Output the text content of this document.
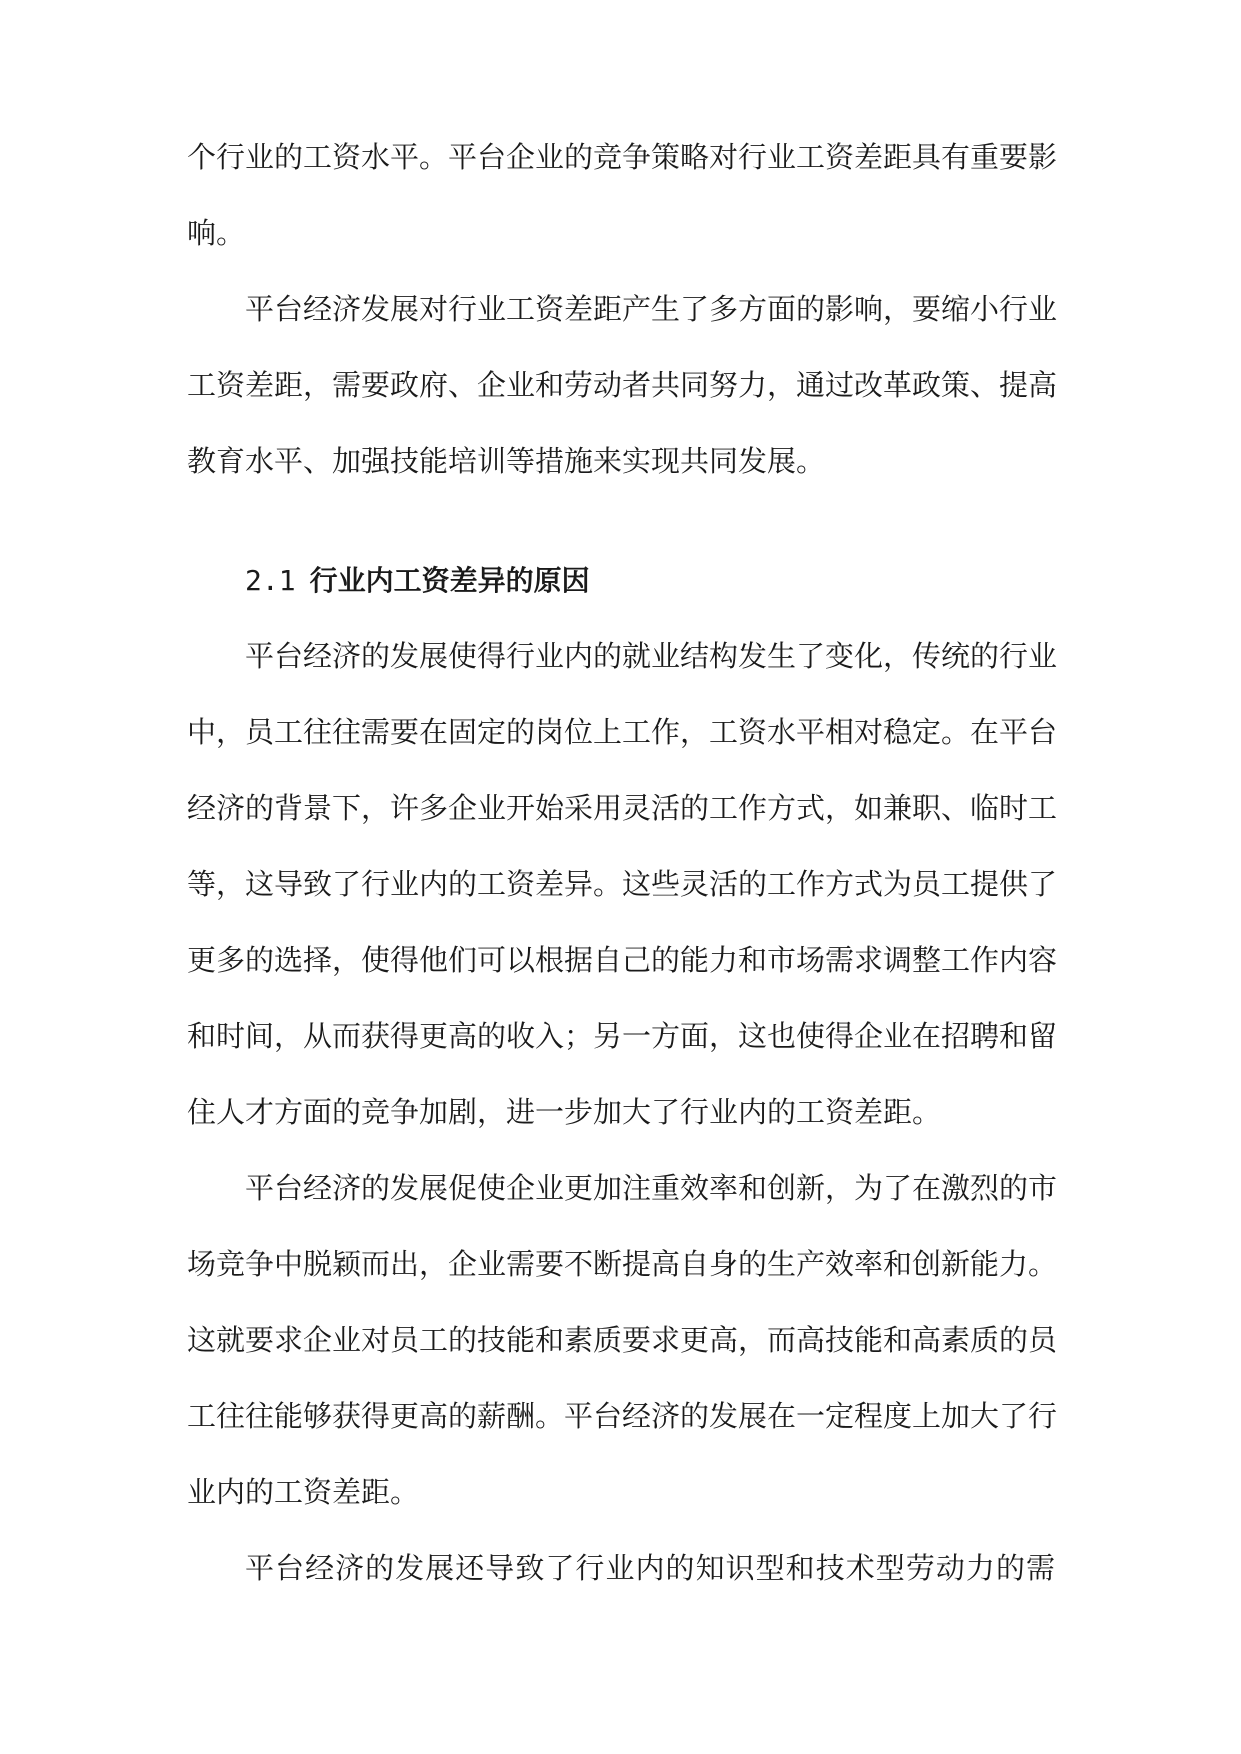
个行业的工资水平。平台企业的竞争策略对行业工资差距具有重要影
响。
平台经济发展对行业工资差距产生了多方面的影响，要缩小行业
工资差距，需要政府、企业和劳动者共同努力，通过改革政策、提高
教育水平、加强技能培训等措施来实现共同发展。
2.1 行业内工资差异的原因
平台经济的发展使得行业内的就业结构发生了变化，传统的行业
中，员工往往需要在固定的岗位上工作，工资水平相对稳定。在平台
经济的背景下，许多企业开始采用灵活的工作方式，如兼职、临时工
等，这导致了行业内的工资差异。这些灵活的工作方式为员工提供了
更多的选择，使得他们可以根据自己的能力和市场需求调整工作内容
和时间，从而获得更高的收入；另一方面，这也使得企业在招聘和留
住人才方面的竞争加剧，进一步加大了行业内的工资差距。
平台经济的发展促使企业更加注重效率和创新，为了在激烈的市
场竞争中脱颖而出，企业需要不断提高自身的生产效率和创新能力。
这就要求企业对员工的技能和素质要求更高，而高技能和高素质的员
工往往能够获得更高的薪酬。平台经济的发展在一定程度上加大了行
业内的工资差距。
平台经济的发展还导致了行业内的知识型和技术型劳动力的需
